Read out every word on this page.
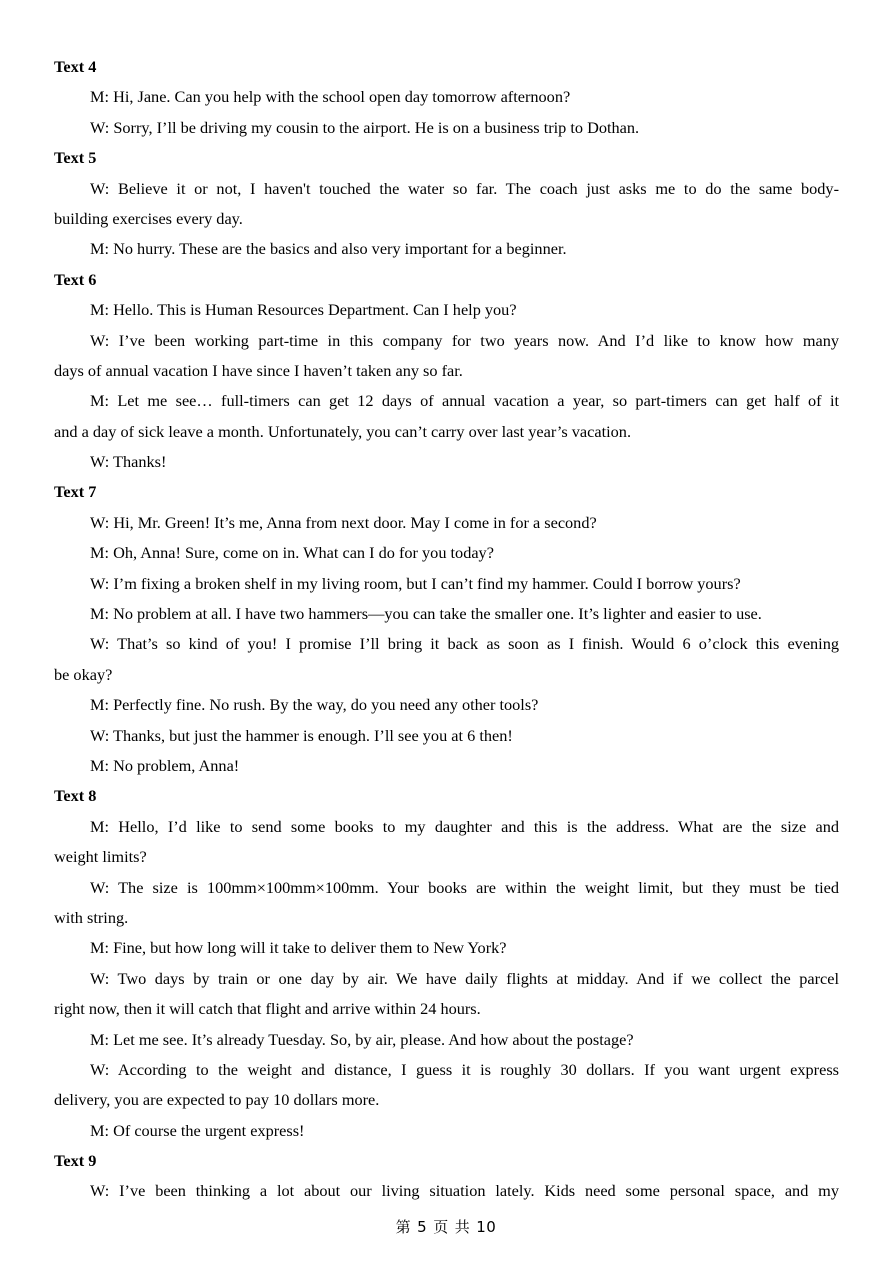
Text 4
M: Hi, Jane. Can you help with the school open day tomorrow afternoon?
W: Sorry, I’ll be driving my cousin to the airport. He is on a business trip to Dothan.
Text 5
W: Believe it or not, I haven't touched the water so far. The coach just asks me to do the same body-
building exercises every day.
M: No hurry. These are the basics and also very important for a beginner.
Text 6
M: Hello. This is Human Resources Department. Can I help you?
W: I’ve been working part-time in this company for two years now. And I’d like to know how many
days of annual vacation I have since I haven’t taken any so far.
M: Let me see… full-timers can get 12 days of annual vacation a year, so part-timers can get half of it
and a day of sick leave a month. Unfortunately, you can’t carry over last year’s vacation.
W: Thanks!
Text 7
W: Hi, Mr. Green! It’s me, Anna from next door. May I come in for a second?
M: Oh, Anna! Sure, come on in. What can I do for you today?
W: I’m fixing a broken shelf in my living room, but I can’t find my hammer. Could I borrow yours?
M: No problem at all. I have two hammers—you can take the smaller one. It’s lighter and easier to use.
W: That’s so kind of you! I promise I’ll bring it back as soon as I finish. Would 6 o’clock this evening
be okay?
M: Perfectly fine. No rush. By the way, do you need any other tools?
W: Thanks, but just the hammer is enough. I’ll see you at 6 then!
M: No problem, Anna!
Text 8
M: Hello, I’d like to send some books to my daughter and this is the address. What are the size and
weight limits?
W: The size is 100mm×100mm×100mm. Your books are within the weight limit, but they must be tied
with string.
M: Fine, but how long will it take to deliver them to New York?
W: Two days by train or one day by air. We have daily flights at midday. And if we collect the parcel
right now, then it will catch that flight and arrive within 24 hours.
M: Let me see. It’s already Tuesday. So, by air, please. And how about the postage?
W: According to the weight and distance, I guess it is roughly 30 dollars. If you want urgent express
delivery, you are expected to pay 10 dollars more.
M: Of course the urgent express!
Text 9
W: I’ve been thinking a lot about our living situation lately. Kids need some personal space, and my
第 5 页 共 10
